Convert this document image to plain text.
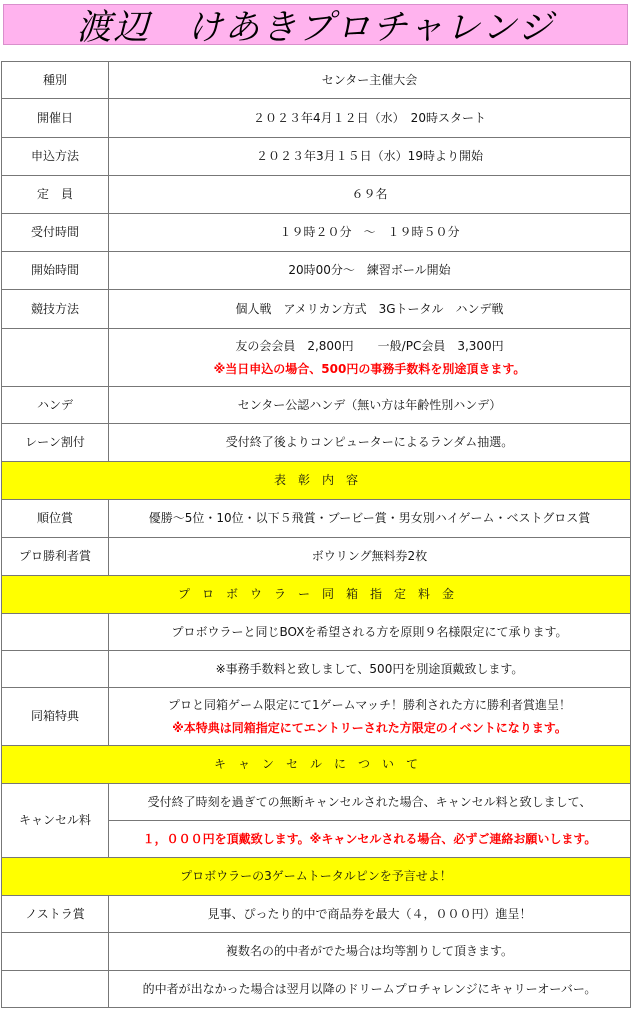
渡辺　けあきプロチャレンジ
種別	センター主催大会
開催日	２０２３年4月１２日（水）　20時スタート
申込方法	２０２３年3月１５日（水）19時より開始
定　員	６９名
受付時間	１９時２０分　～　１９時５０分
開始時間	20時00分～　練習ボール開始
競技方法	個人戦　アメリカン方式　3Gトータル　ハンデ戦

	友の会会員　2,800円　　一般/PC会員　3,300円
※当日申込の場合、500円の事務手数料を別途頂きます。

ハンデ	センター公認ハンデ（無い方は年齢性別ハンデ）
レーン割付	受付終了後よりコンピューターによるランダム抽選。
表　彰　内　容	
順位賞	優勝～5位・10位・以下５飛賞・ブービー賞・男女別ハイゲーム・ベストグロス賞
プロ勝利者賞	ボウリング無料券2枚
プ　ロ　ボ　ウ　ラ　ー　同　箱　指　定　料　金	
	プロボウラーと同じBOXを希望される方を原則９名様限定にて承ります。
	※事務手数料と致しまして、500円を別途頂戴致します。
同箱特典	プロと同箱ゲーム限定にて1ゲームマッチ！勝利された方に勝利者賞進呈！
※本特典は同箱指定にてエントリーされた方限定のイベントになります。

キ　ャ　ン　セ　ル　に　つ　い　て	
キャンセル料	受付終了時刻を過ぎての無断キャンセルされた場合、キャンセル料と致しまして、
	１，０００円を頂戴致します。※キャンセルされる場合、必ずご連絡お願いします。
プロボウラーの3ゲームトータルピンを予言せよ！	
ノストラ賞	見事、ぴったり的中で商品券を最大（４，０００円）進呈！
	複数名の的中者がでた場合は均等割りして頂きます。
	的中者が出なかった場合は翌月以降のドリームプロチャレンジにキャリーオーバー。
